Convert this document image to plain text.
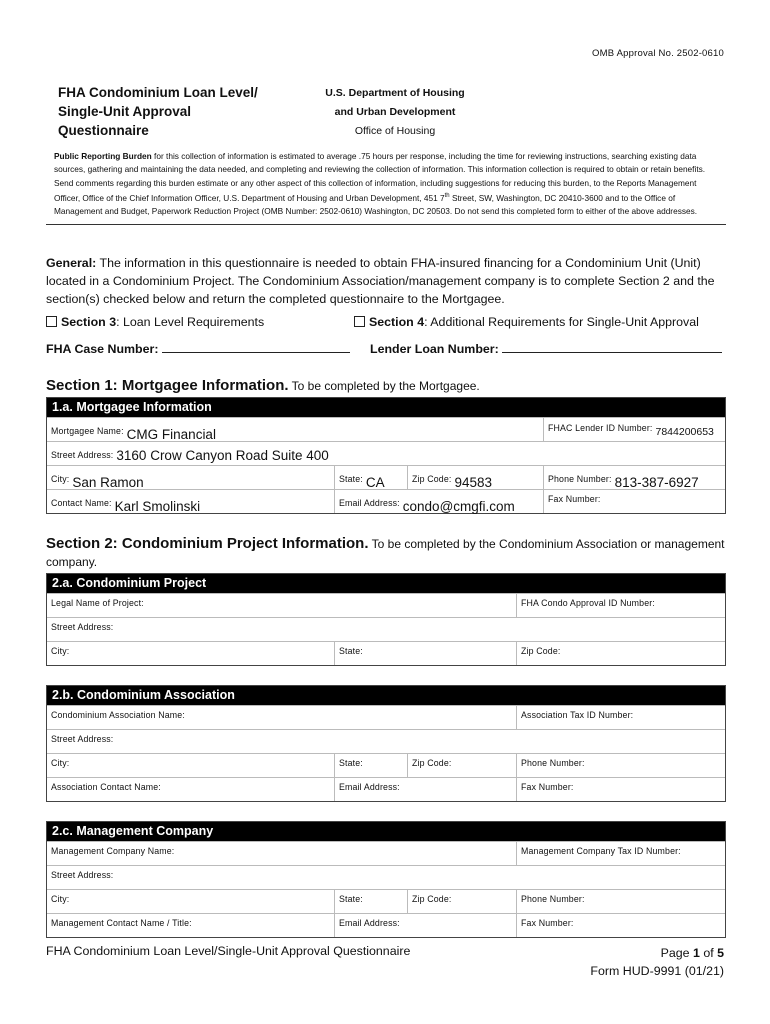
OMB Approval No. 2502-0610
FHA Condominium Loan Level/
Single-Unit Approval
Questionnaire
U.S. Department of Housing
and Urban Development
Office of Housing
Public Reporting Burden for this collection of information is estimated to average .75 hours per response, including the time for reviewing instructions, searching existing data sources, gathering and maintaining the data needed, and completing and reviewing the collection of information. This information collection is required to obtain or retain benefits. Send comments regarding this burden estimate or any other aspect of this collection of information, including suggestions for reducing this burden, to the Reports Management Officer, Office of the Chief Information Officer, U.S. Department of Housing and Urban Development, 451 7th Street, SW, Washington, DC 20410-3600 and to the Office of Management and Budget, Paperwork Reduction Project (OMB Number: 2502-0610) Washington, DC 20503. Do not send this completed form to either of the above addresses.
General: The information in this questionnaire is needed to obtain FHA-insured financing for a Condominium Unit (Unit) located in a Condominium Project. The Condominium Association/management company is to complete Section 2 and the section(s) checked below and return the completed questionnaire to the Mortgagee.
Section 3: Loan Level Requirements	Section 4: Additional Requirements for Single-Unit Approval
FHA Case Number:	Lender Loan Number:
Section 1: Mortgagee Information. To be completed by the Mortgagee.
1.a. Mortgagee Information
Mortgagee Name: CMG Financial	FHAC Lender ID Number: 7844200653
Street Address: 3160 Crow Canyon Road Suite 400
City: San Ramon	State: CA	Zip Code: 94583	Phone Number: 813-387-6927
Contact Name: Karl Smolinski	Email Address: condo@cmgfi.com	Fax Number:
Section 2: Condominium Project Information. To be completed by the Condominium Association or management company.
2.a. Condominium Project
Legal Name of Project:	FHA Condo Approval ID Number:
Street Address:
City:	State:	Zip Code:
2.b. Condominium Association
Condominium Association Name:	Association Tax ID Number:
Street Address:
City:	State:	Zip Code:	Phone Number:
Association Contact Name:	Email Address:	Fax Number:
2.c. Management Company
Management Company Name:	Management Company Tax ID Number:
Street Address:
City:	State:	Zip Code:	Phone Number:
Management Contact Name / Title:	Email Address:	Fax Number:
FHA Condominium Loan Level/Single-Unit Approval Questionnaire	Page 1 of 5
Form HUD-9991 (01/21)
